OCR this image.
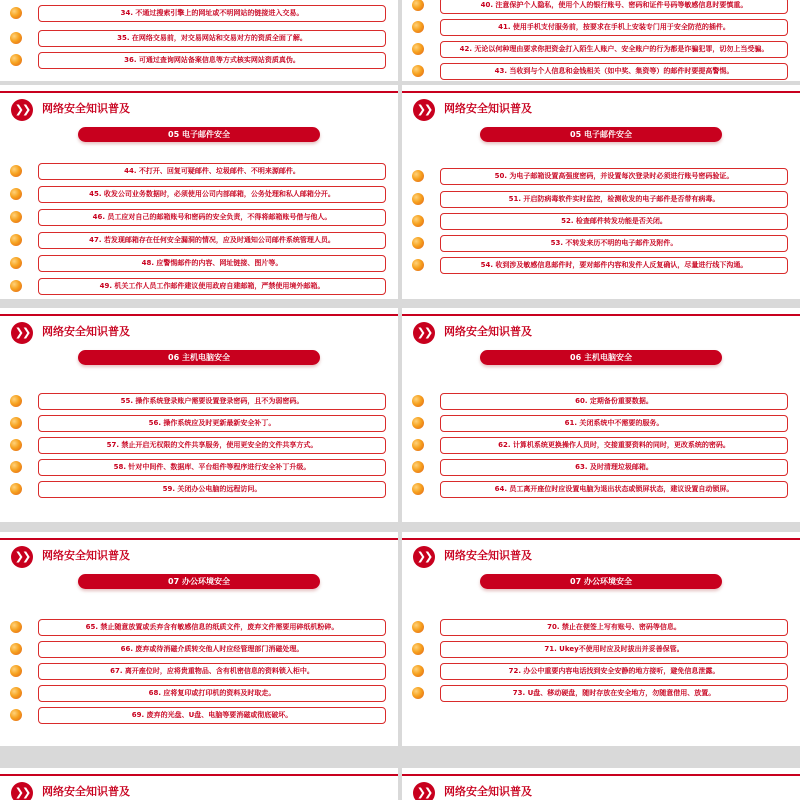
34. 不通过搜索引擎上的网址或不明网站的链接进入交易。
35. 在网络交易前，对交易网站和交易对方的资质全面了解。
36. 可通过查询网站备案信息等方式核实网站资质真伪。
40. 注意保护个人隐私，使用个人的银行账号、密码和证件号码等敏感信息时要慎重。
41. 使用手机支付服务前，按要求在手机上安装专门用于安全防范的插件。
42. 无论以何种理由要求你把资金打入陌生人账户、安全账户的行为都是诈骗犯罪，切勿上当受骗。
43. 当收到与个人信息和金钱相关（如中奖、集资等）的邮件时要提高警惕。
❯❯	网络安全知识普及
05 电子邮件安全
44. 不打开、回复可疑邮件、垃圾邮件、不明来源邮件。
45. 收发公司业务数据时，必须使用公司内部邮箱，公务处理和私人邮箱分开。
46. 员工应对自己的邮箱账号和密码的安全负责，不得将邮箱账号借与他人。
47. 若发现邮箱存在任何安全漏洞的情况，应及时通知公司邮件系统管理人员。
48. 应警惕邮件的内容、网址链接、图片等。
49. 机关工作人员工作邮件建议使用政府自建邮箱，严禁使用境外邮箱。
❯❯	网络安全知识普及
05 电子邮件安全
50. 为电子邮箱设置高强度密码，并设置每次登录时必须进行账号密码验证。
51. 开启防病毒软件实时监控，检测收发的电子邮件是否带有病毒。
52. 检查邮件转发功能是否关闭。
53. 不转发来历不明的电子邮件及附件。
54. 收到涉及敏感信息邮件时，要对邮件内容和发件人反复确认，尽量进行线下沟通。
❯❯	网络安全知识普及
06 主机电脑安全
55. 操作系统登录账户需要设置登录密码，且不为弱密码。
56. 操作系统应及时更新最新安全补丁。
57. 禁止开启无权限的文件共享服务，使用更安全的文件共享方式。
58. 针对中间件、数据库、平台组件等程序进行安全补丁升级。
59. 关闭办公电脑的远程访问。
❯❯	网络安全知识普及
06 主机电脑安全
60. 定期备份重要数据。
61. 关闭系统中不需要的服务。
62. 计算机系统更换操作人员时，交接重要资料的同时，更改系统的密码。
63. 及时清理垃圾邮箱。
64. 员工离开座位时应设置电脑为退出状态或锁屏状态，建议设置自动锁屏。
❯❯	网络安全知识普及
07 办公环境安全
65. 禁止随意放置或丢弃含有敏感信息的纸质文件，废弃文件需要用碎纸机粉碎。
66. 废弃或待消磁介质转交他人时应经管理部门消磁处理。
67. 离开座位时，应将贵重物品、含有机密信息的资料锁入柜中。
68. 应将复印或打印机的资料及时取走。
69. 废弃的光盘、U盘、电脑等要消磁或彻底破坏。
❯❯	网络安全知识普及
07 办公环境安全
70. 禁止在便签上写有账号、密码等信息。
71. Ukey不使用时应及时拔出并妥善保管。
72. 办公中重要内容电话找到安全安静的地方接听，避免信息泄露。
73. U盘、移动硬盘，随时存放在安全地方，勿随意借用、放置。
❯❯	网络安全知识普及	❯❯	网络安全知识普及
